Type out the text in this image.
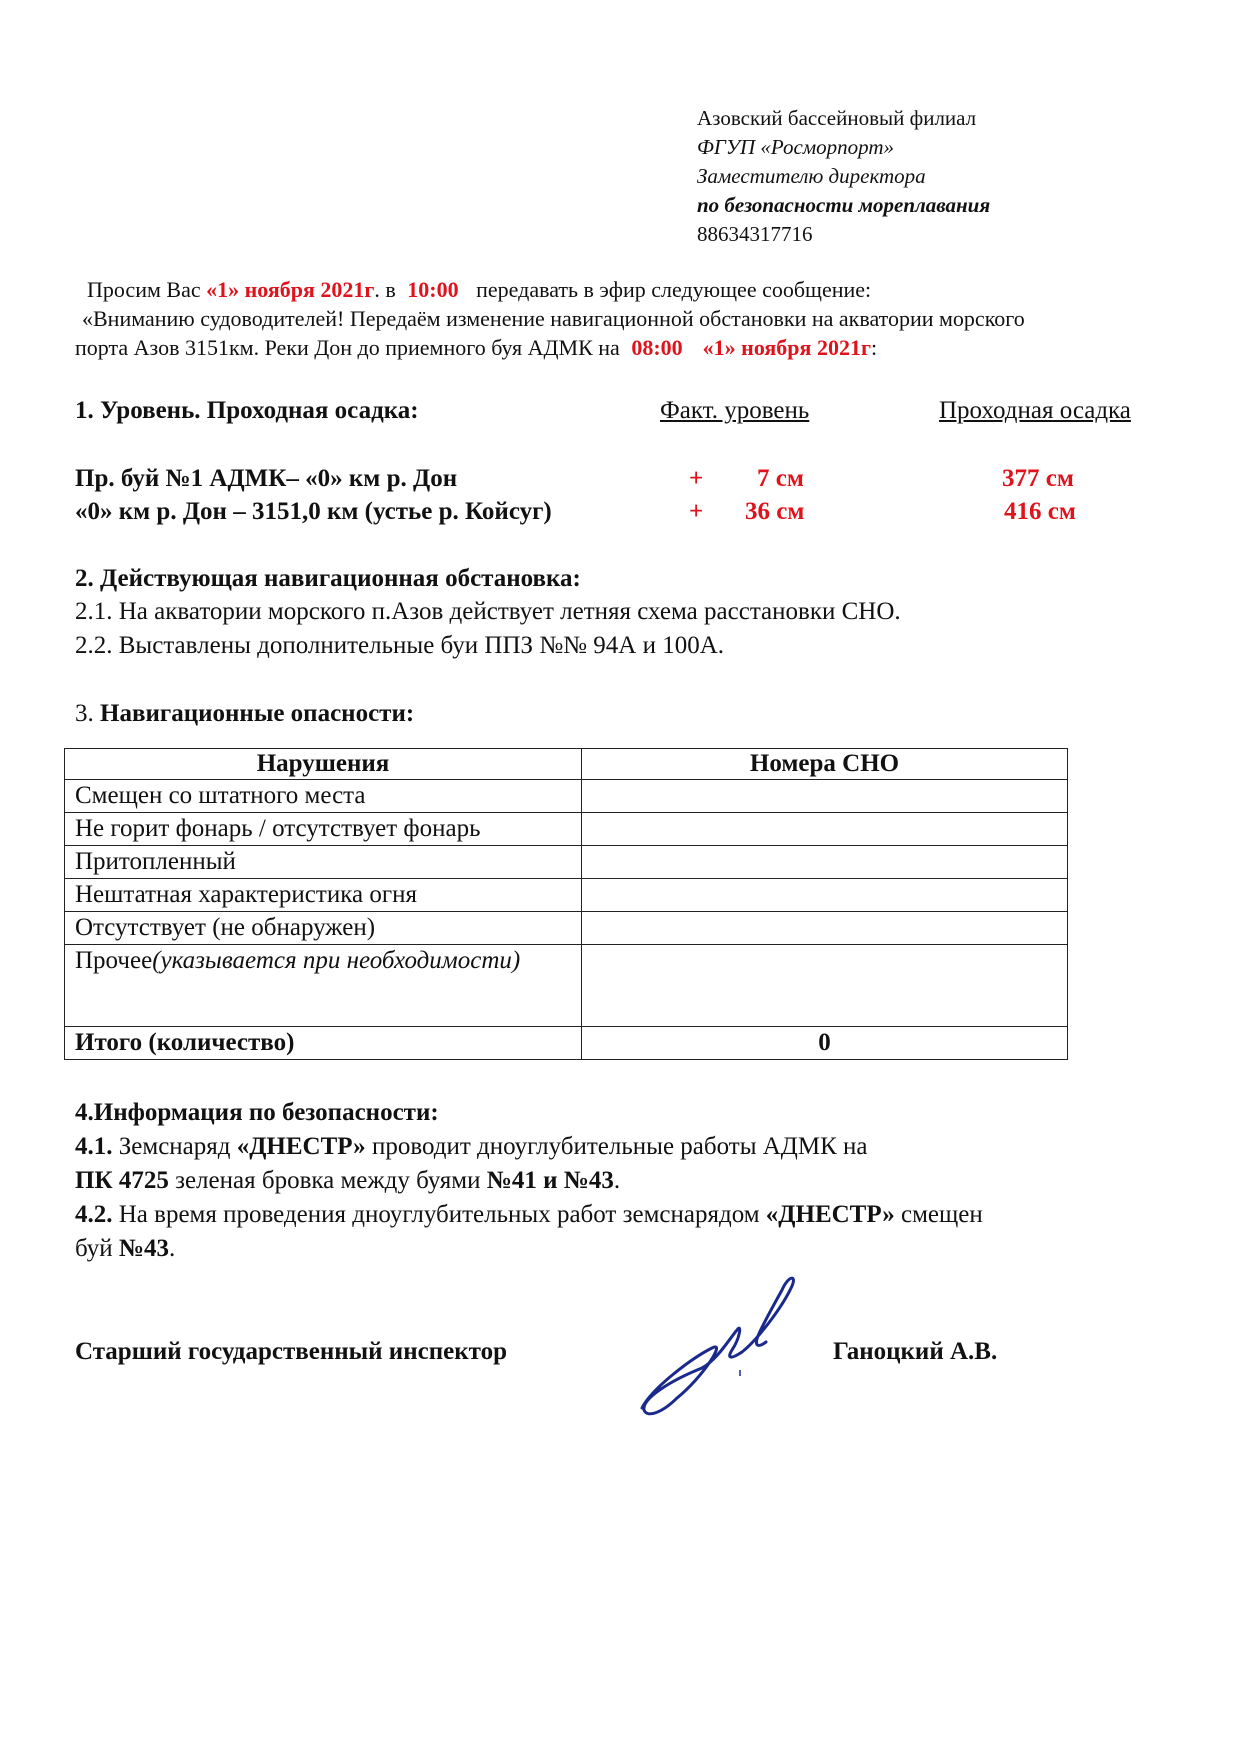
Азовский бассейновый филиал
ФГУП «Росморпорт»
Заместителю директора
по безопасности мореплавания
88634317716
Просим Вас «1» ноября 2021г. в 10:00 передавать в эфир следующее сообщение:
«Вниманию судоводителей! Передаём изменение навигационной обстановки на акватории морского
порта Азов 3151км. Реки Дон до приемного буя АДМК на 08:00 «1» ноября 2021г:
1. Уровень. Проходная осадка:	Факт. уровень	Проходная осадка
Пр. буй №1 АДМК– «0» км р. Дон	+ 7 см	377 см
«0» км р. Дон – 3151,0 км (устье р. Койсуг)	+ 36 см	416 см
2. Действующая навигационная обстановка:
2.1. На акватории морского п.Азов действует летняя схема расстановки СНО.
2.2. Выставлены дополнительные буи ППЗ №№ 94А и 100А.
3. Навигационные опасности:
Нарушения	Номера СНО
Смещен со штатного места	
Не горит фонарь / отсутствует фонарь	
Притопленный	
Нештатная характеристика огня	
Отсутствует (не обнаружен)	
Прочее(указывается при необходимости)	
Итого (количество)	0
4.Информация по безопасности:
4.1. Земснаряд «ДНЕСТР» проводит дноуглубительные работы АДМК на
ПК 4725 зеленая бровка между буями №41 и №43.
4.2. На время проведения дноуглубительных работ земснарядом «ДНЕСТР» смещен
буй №43.
Старший государственный инспектор	Ганоцкий А.В.
